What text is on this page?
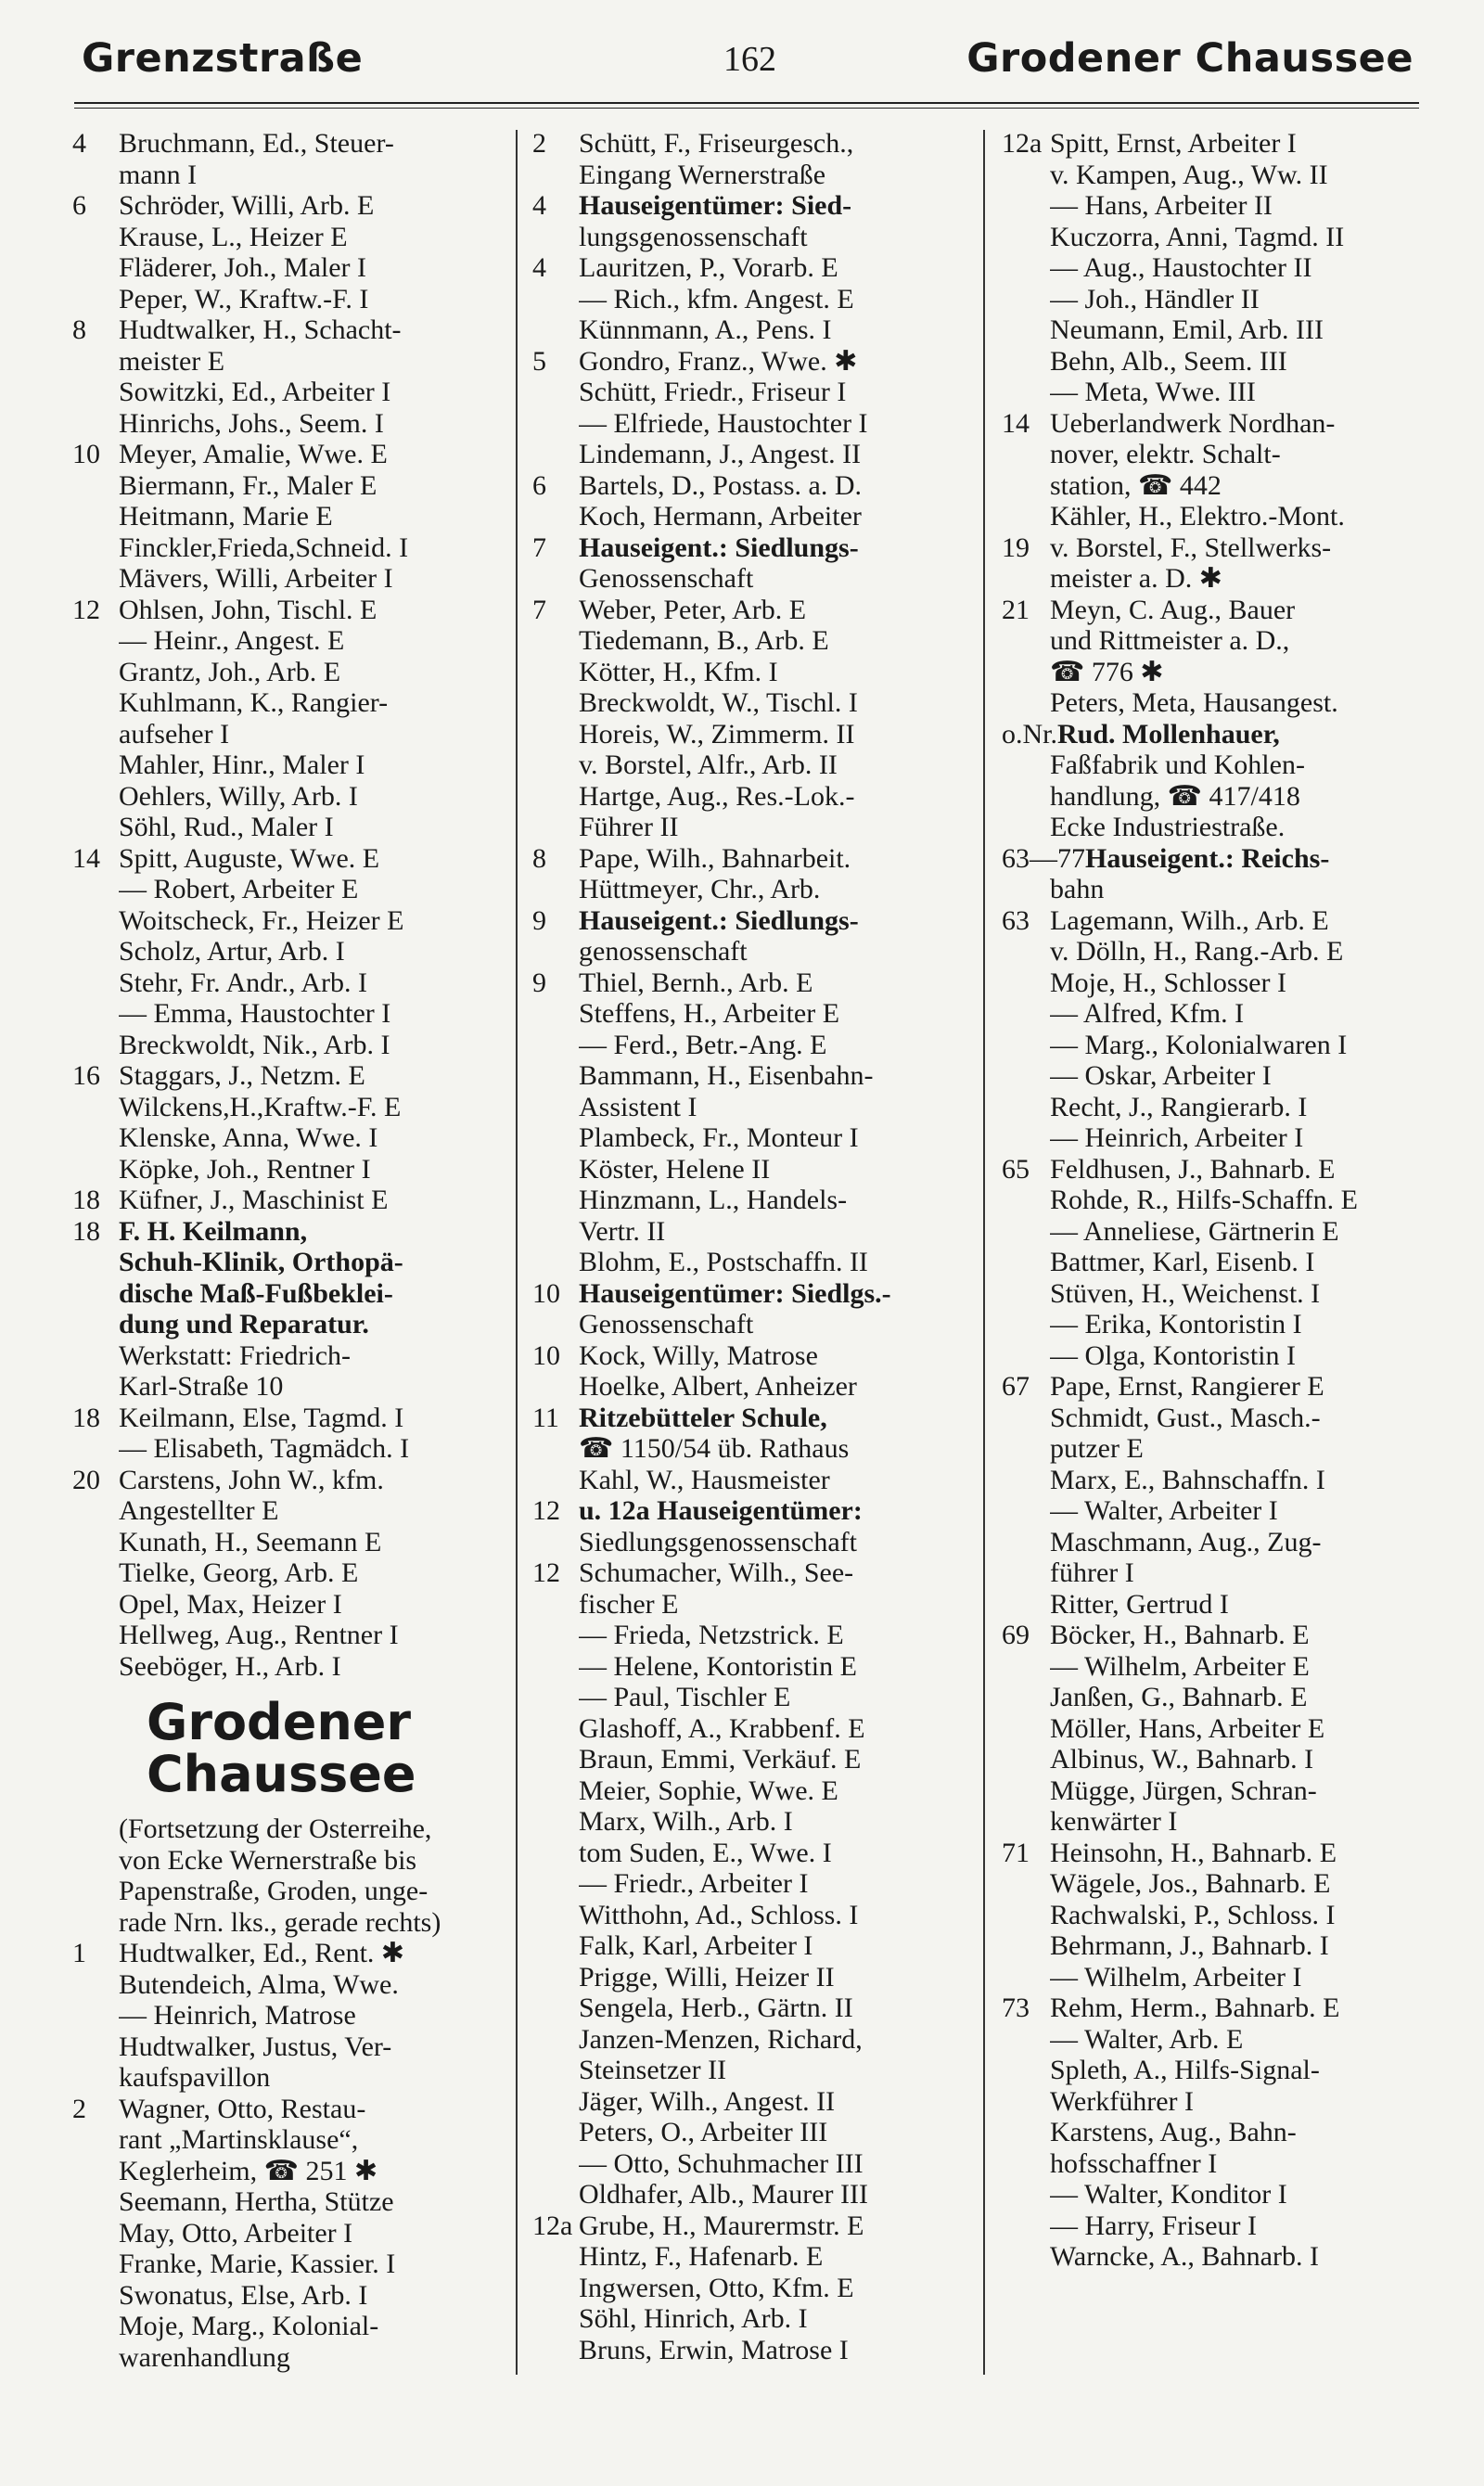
Grenzstraße	162	Grodener Chaussee
4	Bruchmann, Ed., Steuer-
mann I
6	Schröder, Willi, Arb. E
Krause, L., Heizer E
Fläderer, Joh., Maler I
Peper, W., Kraftw.-F. I
8	Hudtwalker, H., Schacht-
meister E
Sowitzki, Ed., Arbeiter I
Hinrichs, Johs., Seem. I
10 Meyer, Amalie, Wwe. E
Biermann, Fr., Maler E
Heitmann, Marie E
Finckler,Frieda,Schneid. I
Mävers, Willi, Arbeiter I
12 Ohlsen, John, Tischl. E
— Heinr., Angest. E
Grantz, Joh., Arb. E
Kuhlmann, K., Rangier-
aufseher I
Mahler, Hinr., Maler I
Oehlers, Willy, Arb. I
Söhl, Rud., Maler I
14 Spitt, Auguste, Wwe. E
— Robert, Arbeiter E
Woitscheck, Fr., Heizer E
Scholz, Artur, Arb. I
Stehr, Fr. Andr., Arb. I
— Emma, Haustochter I
Breckwoldt, Nik., Arb. I
16 Staggars, J., Netzm. E
Wilckens,H.,Kraftw.-F. E
Klenske, Anna, Wwe. I
Köpke, Joh., Rentner I
18 Küfner, J., Maschinist E
18 F. H. Keilmann,
Schuh-Klinik, Orthopä-
dische Maß-Fußbeklei-
dung und Reparatur.
Werkstatt: Friedrich-
Karl-Straße 10
18 Keilmann, Else, Tagmd. I
— Elisabeth, Tagmädch. I
20 Carstens, John W., kfm.
Angestellter E
Kunath, H., Seemann E
Tielke, Georg, Arb. E
Opel, Max, Heizer I
Hellweg, Aug., Rentner I
Seeböger, H., Arb. I
Grodener
Chaussee
(Fortsetzung der Osterreihe,
von Ecke Wernerstraße bis
Papenstraße, Groden, unge-
rade Nrn. lks., gerade rechts)
1	Hudtwalker, Ed., Rent. ✱
Butendeich, Alma, Wwe.
— Heinrich, Matrose
Hudtwalker, Justus, Ver-
kaufspavillon
2	Wagner, Otto, Restau-
rant „Martinsklause“,
Keglerheim, ☎ 251 ✱
Seemann, Hertha, Stütze
May, Otto, Arbeiter I
Franke, Marie, Kassier. I
Swonatus, Else, Arb. I
Moje, Marg., Kolonial-
warenhandlung
2	Schütt, F., Friseurgesch.,
Eingang Wernerstraße
4	Hauseigentümer: Sied-
lungsgenossenschaft
4	Lauritzen, P., Vorarb. E
— Rich., kfm. Angest. E
Künnmann, A., Pens. I
5	Gondro, Franz., Wwe. ✱
Schütt, Friedr., Friseur I
— Elfriede, Haustochter I
Lindemann, J., Angest. II
6	Bartels, D., Postass. a. D.
Koch, Hermann, Arbeiter
7	Hauseigent.: Siedlungs-
Genossenschaft
7	Weber, Peter, Arb. E
Tiedemann, B., Arb. E
Kötter, H., Kfm. I
Breckwoldt, W., Tischl. I
Horeis, W., Zimmerm. II
v. Borstel, Alfr., Arb. II
Hartge, Aug., Res.-Lok.-
Führer II
8	Pape, Wilh., Bahnarbeit.
Hüttmeyer, Chr., Arb.
9	Hauseigent.: Siedlungs-
genossenschaft
9	Thiel, Bernh., Arb. E
Steffens, H., Arbeiter E
— Ferd., Betr.-Ang. E
Bammann, H., Eisenbahn-
Assistent I
Plambeck, Fr., Monteur I
Köster, Helene II
Hinzmann, L., Handels-
Vertr. II
Blohm, E., Postschaffn. II
10 Hauseigentümer: Siedlgs.-
Genossenschaft
10 Kock, Willy, Matrose
Hoelke, Albert, Anheizer
11 Ritzebütteler Schule,
☎ 1150/54 üb. Rathaus
Kahl, W., Hausmeister
12 u. 12a Hauseigentümer:
Siedlungsgenossenschaft
12 Schumacher, Wilh., See-
fischer E
— Frieda, Netzstrick. E
— Helene, Kontoristin E
— Paul, Tischler E
Glashoff, A., Krabbenf. E
Braun, Emmi, Verkäuf. E
Meier, Sophie, Wwe. E
Marx, Wilh., Arb. I
tom Suden, E., Wwe. I
— Friedr., Arbeiter I
Witthohn, Ad., Schloss. I
Falk, Karl, Arbeiter I
Prigge, Willi, Heizer II
Sengela, Herb., Gärtn. II
Janzen-Menzen, Richard,
Steinsetzer II
Jäger, Wilh., Angest. II
Peters, O., Arbeiter III
— Otto, Schuhmacher III
Oldhafer, Alb., Maurer III
12a Grube, H., Maurermstr. E
Hintz, F., Hafenarb. E
Ingwersen, Otto, Kfm. E
Söhl, Hinrich, Arb. I
Bruns, Erwin, Matrose I
12a Spitt, Ernst, Arbeiter I
v. Kampen, Aug., Ww. II
— Hans, Arbeiter II
Kuczorra, Anni, Tagmd. II
— Aug., Haustochter II
— Joh., Händler II
Neumann, Emil, Arb. III
Behn, Alb., Seem. III
— Meta, Wwe. III
14 Ueberlandwerk Nordhan-
nover, elektr. Schalt-
station, ☎ 442
Kähler, H., Elektro.-Mont.
19 v. Borstel, F., Stellwerks-
meister a. D. ✱
21 Meyn, C. Aug., Bauer
und Rittmeister a. D.,
☎ 776 ✱
Peters, Meta, Hausangest.
o.Nr. Rud. Mollenhauer,
Faßfabrik und Kohlen-
handlung, ☎ 417/418
Ecke Industriestraße.
63—77 Hauseigent.: Reichs-
bahn
63 Lagemann, Wilh., Arb. E
v. Dölln, H., Rang.-Arb. E
Moje, H., Schlosser I
— Alfred, Kfm. I
— Marg., Kolonialwaren I
— Oskar, Arbeiter I
Recht, J., Rangierarb. I
— Heinrich, Arbeiter I
65 Feldhusen, J., Bahnarb. E
Rohde, R., Hilfs-Schaffn. E
— Anneliese, Gärtnerin E
Battmer, Karl, Eisenb. I
Stüven, H., Weichenst. I
— Erika, Kontoristin I
— Olga, Kontoristin I
67 Pape, Ernst, Rangierer E
Schmidt, Gust., Masch.-
putzer E
Marx, E., Bahnschaffn. I
— Walter, Arbeiter I
Maschmann, Aug., Zug-
führer I
Ritter, Gertrud I
69 Böcker, H., Bahnarb. E
— Wilhelm, Arbeiter E
Janßen, G., Bahnarb. E
Möller, Hans, Arbeiter E
Albinus, W., Bahnarb. I
Mügge, Jürgen, Schran-
kenwärter I
71 Heinsohn, H., Bahnarb. E
Wägele, Jos., Bahnarb. E
Rachwalski, P., Schloss. I
Behrmann, J., Bahnarb. I
— Wilhelm, Arbeiter I
73 Rehm, Herm., Bahnarb. E
— Walter, Arb. E
Spleth, A., Hilfs-Signal-
Werkführer I
Karstens, Aug., Bahn-
hofsschaffner I
— Walter, Konditor I
— Harry, Friseur I
Warncke, A., Bahnarb. I
